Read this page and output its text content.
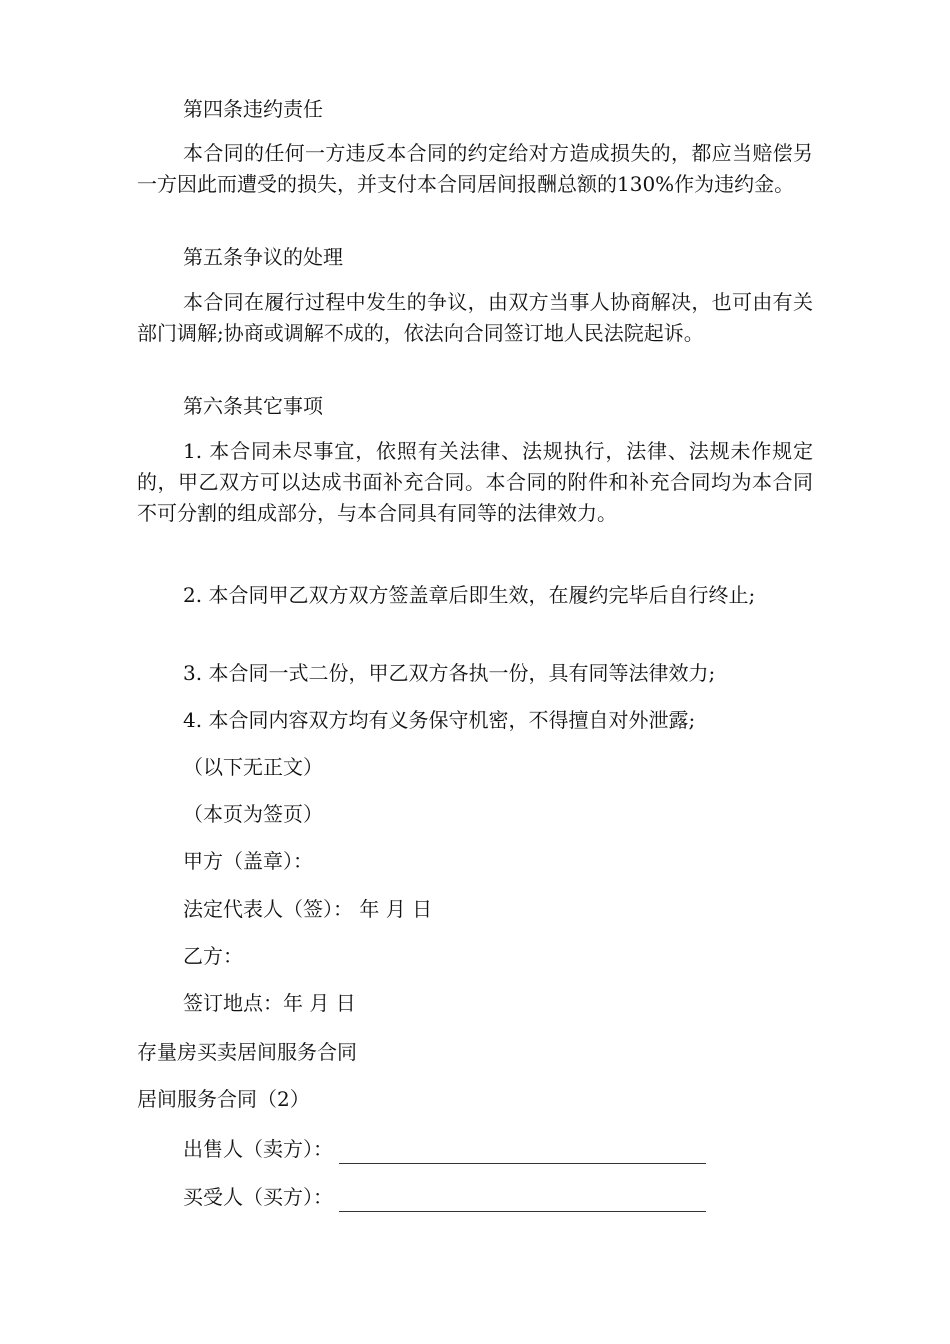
第四条违约责任
本合同的任何一方违反本合同的约定给对方造成损失的，都应当赔偿另一方因此而遭受的损失，并支付本合同居间报酬总额的130%作为违约金。
第五条争议的处理
本合同在履行过程中发生的争议，由双方当事人协商解决，也可由有关部门调解;协商或调解不成的，依法向合同签订地人民法院起诉。
第六条其它事项
1. 本合同未尽事宜，依照有关法律、法规执行，法律、法规未作规定的，甲乙双方可以达成书面补充合同。本合同的附件和补充合同均为本合同不可分割的组成部分，与本合同具有同等的法律效力。
2. 本合同甲乙双方双方签盖章后即生效，在履约完毕后自行终止;
3. 本合同一式二份，甲乙双方各执一份，具有同等法律效力;
4. 本合同内容双方均有义务保守机密，不得擅自对外泄露;
（以下无正文）
（本页为签页）
甲方（盖章）：
法定代表人（签）： 年 月 日
乙方：
签订地点：年 月 日
存量房买卖居间服务合同
居间服务合同（2）
出售人（卖方）：
买受人（买方）：
